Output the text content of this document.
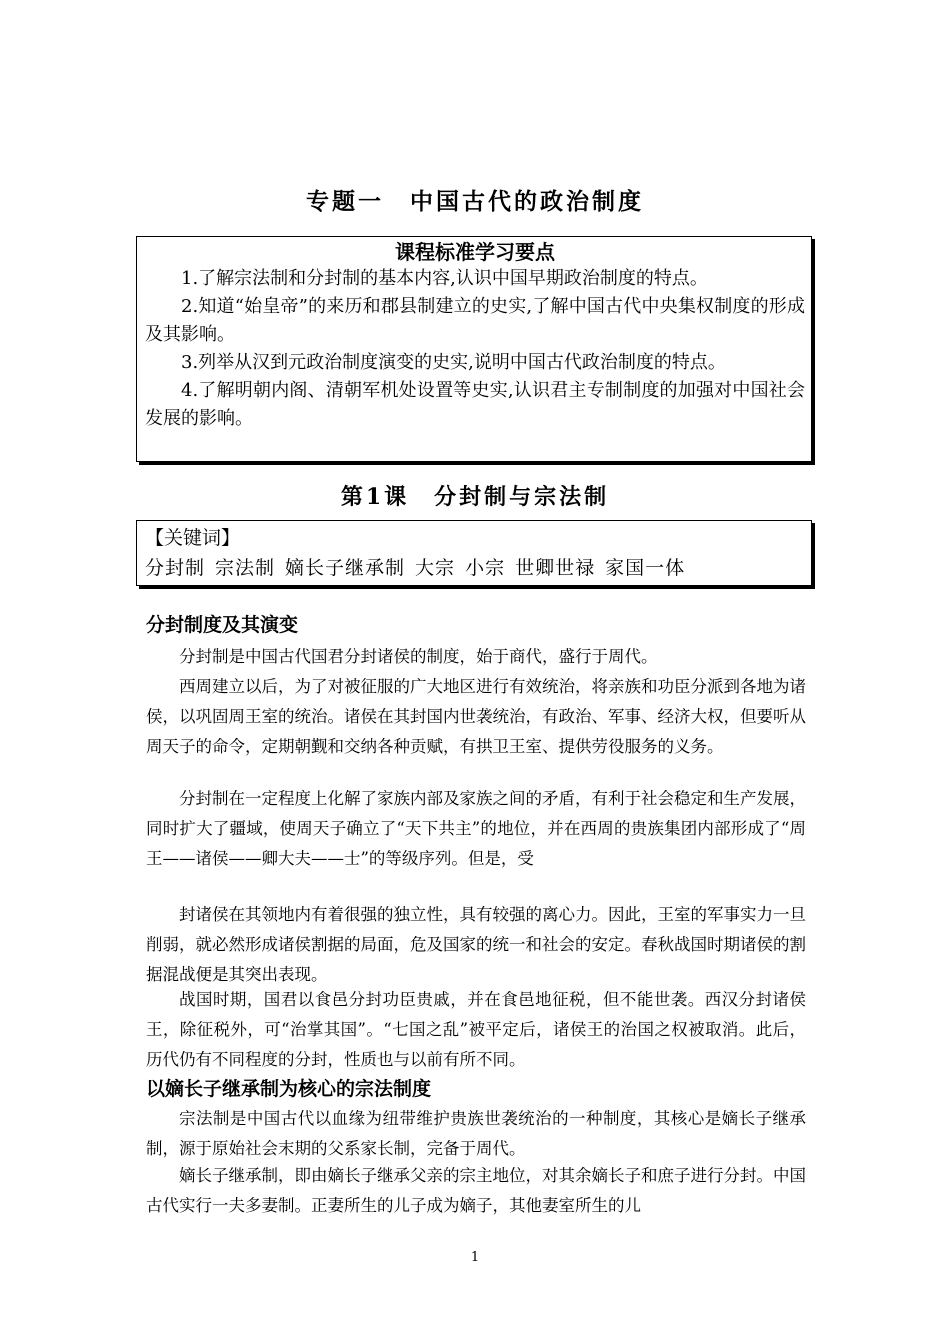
专题一　中国古代的政治制度
课程标准学习要点

1.了解宗法制和分封制的基本内容,认识中国早期政治制度的特点。

2.知道“始皇帝”的来历和郡县制建立的史实,了解中国古代中央集权制度的形成及其影响。

3.列举从汉到元政治制度演变的史实,说明中国古代政治制度的特点。

4.了解明朝内阁、清朝军机处设置等史实,认识君主专制制度的加强对中国社会发展的影响。

第1课　分封制与宗法制
【关键词】
分封制 宗法制 嫡长子继承制 大宗 小宗 世卿世禄 家国一体
分封制度及其演变

分封制是中国古代国君分封诸侯的制度，始于商代，盛行于周代。

西周建立以后，为了对被征服的广大地区进行有效统治，将亲族和功臣分派到各地为诸侯，以巩固周王室的统治。诸侯在其封国内世袭统治，有政治、军事、经济大权，但要听从周天子的命令，定期朝觐和交纳各种贡赋，有拱卫王室、提供劳役服务的义务。

分封制在一定程度上化解了家族内部及家族之间的矛盾，有利于社会稳定和生产发展，同时扩大了疆域，使周天子确立了“天下共主”的地位，并在西周的贵族集团内部形成了“周王——诸侯——卿大夫——士”的等级序列。但是，受

封诸侯在其领地内有着很强的独立性，具有较强的离心力。因此，王室的军事实力一旦削弱，就必然形成诸侯割据的局面，危及国家的统一和社会的安定。春秋战国时期诸侯的割据混战便是其突出表现。

战国时期，国君以食邑分封功臣贵戚，并在食邑地征税，但不能世袭。西汉分封诸侯王，除征税外，可“治掌其国”。“七国之乱”被平定后，诸侯王的治国之权被取消。此后，历代仍有不同程度的分封，性质也与以前有所不同。

以嫡长子继承制为核心的宗法制度

宗法制是中国古代以血缘为纽带维护贵族世袭统治的一种制度，其核心是嫡长子继承制，源于原始社会末期的父系家长制，完备于周代。

嫡长子继承制，即由嫡长子继承父亲的宗主地位，对其余嫡长子和庶子进行分封。中国古代实行一夫多妻制。正妻所生的儿子成为嫡子，其他妻室所生的儿

1
